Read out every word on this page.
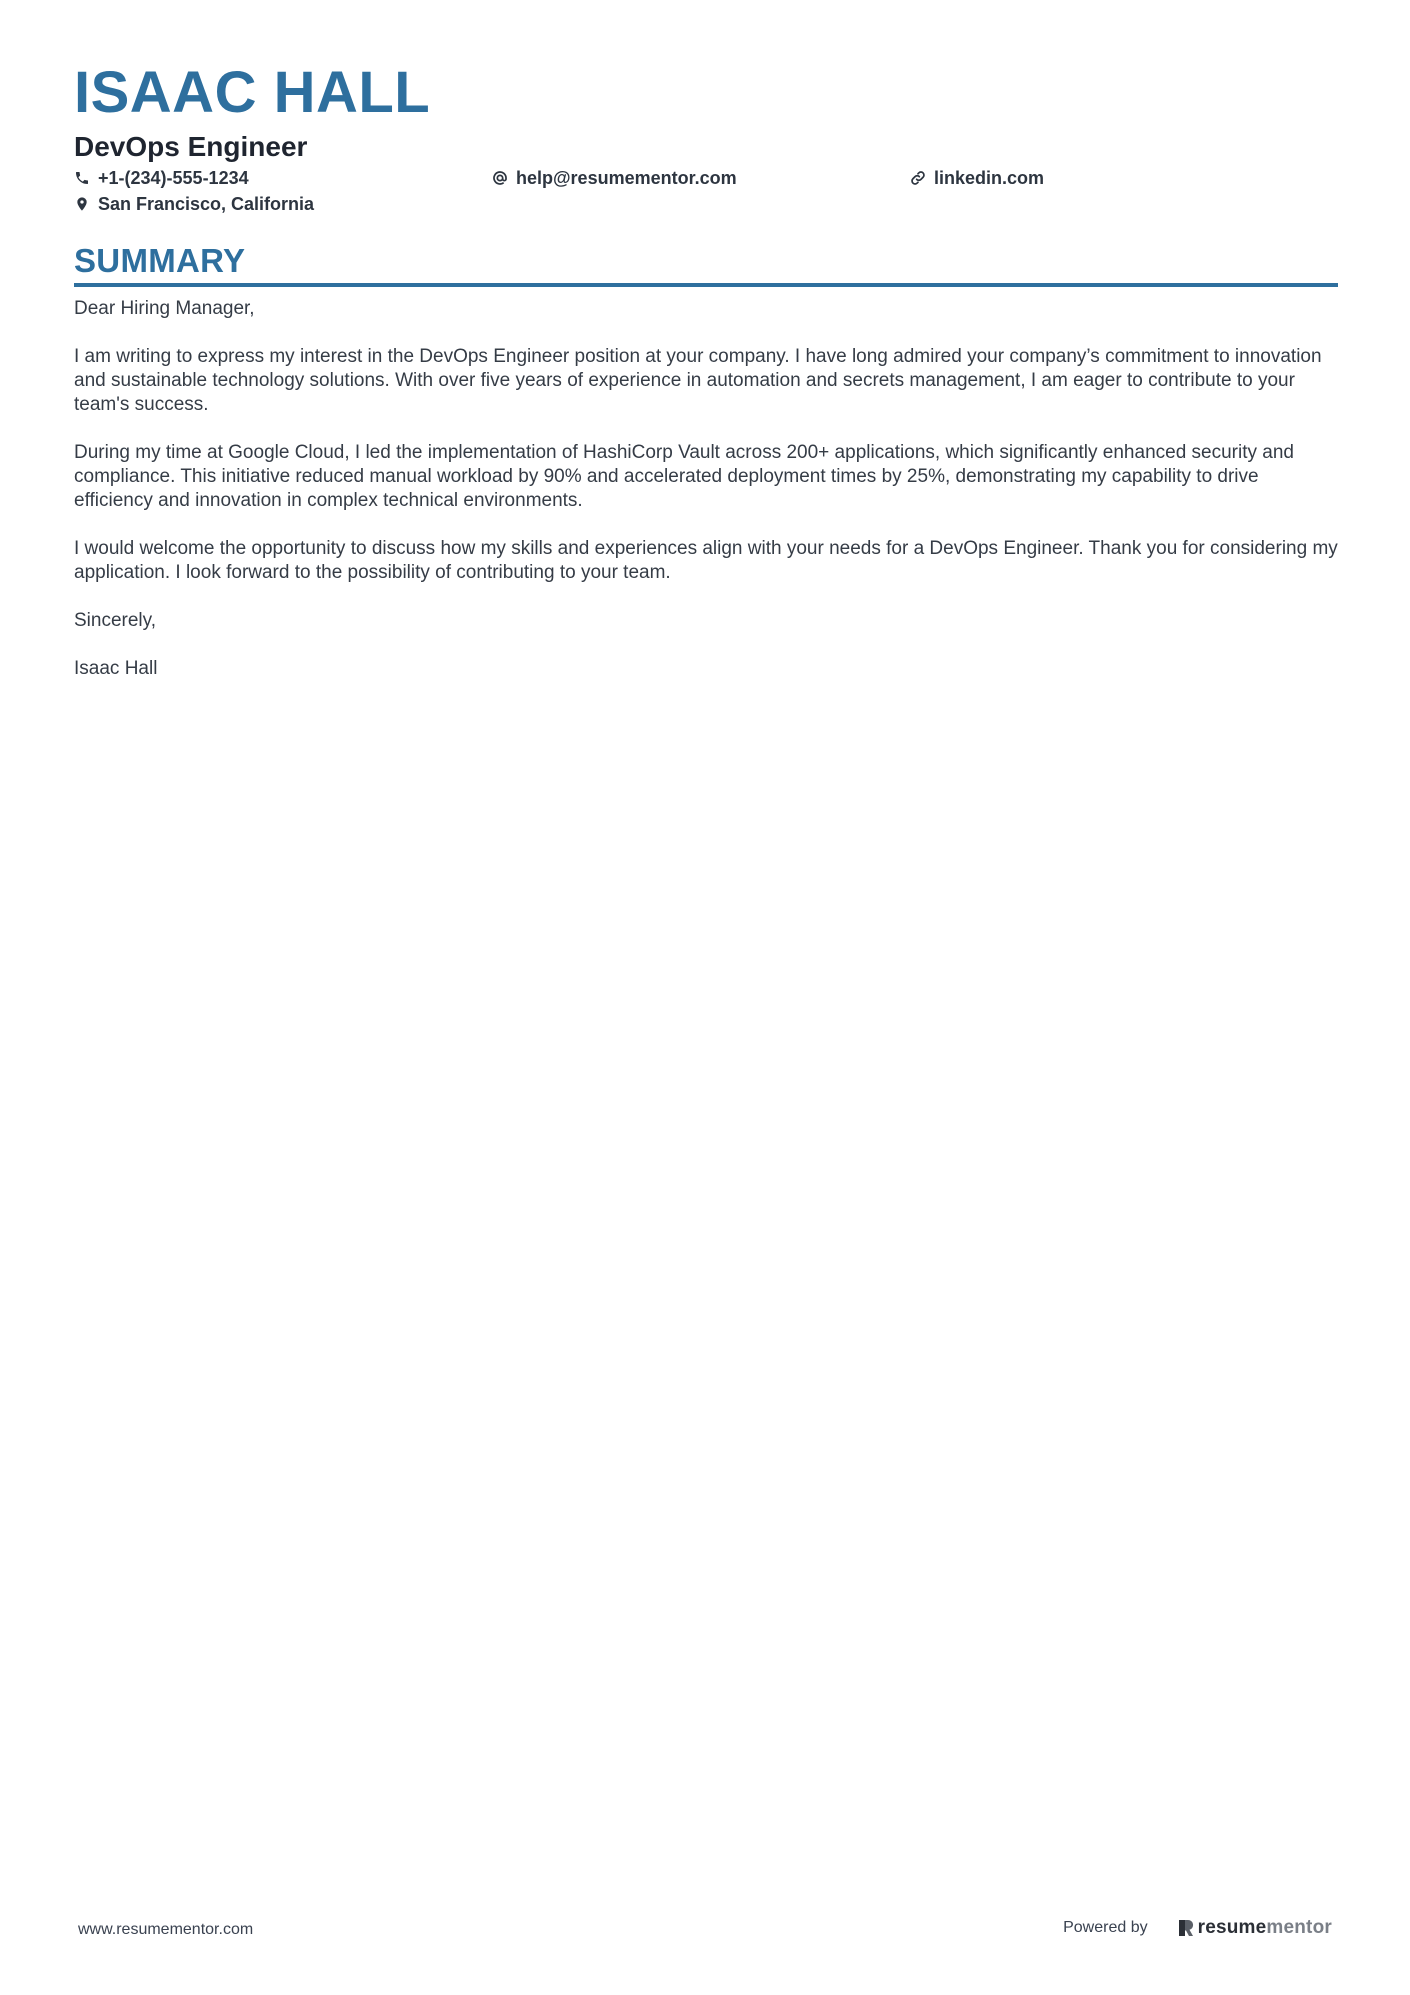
ISAAC HALL
DevOps Engineer
+1-(234)-555-1234	help@resumementor.com	linkedin.com
San Francisco, California
SUMMARY

Dear Hiring Manager,

I am writing to express my interest in the DevOps Engineer position at your company. I have long admired your company’s commitment to innovation and sustainable technology solutions. With over five years of experience in automation and secrets management, I am eager to contribute to your team's success.

During my time at Google Cloud, I led the implementation of HashiCorp Vault across 200+ applications, which significantly enhanced security and compliance. This initiative reduced manual workload by 90% and accelerated deployment times by 25%, demonstrating my capability to drive efficiency and innovation in complex technical environments.

I would welcome the opportunity to discuss how my skills and experiences align with your needs for a DevOps Engineer. Thank you for considering my application. I look forward to the possibility of contributing to your team.

Sincerely,

Isaac Hall

www.resumementor.com	Powered by	resume mentor
